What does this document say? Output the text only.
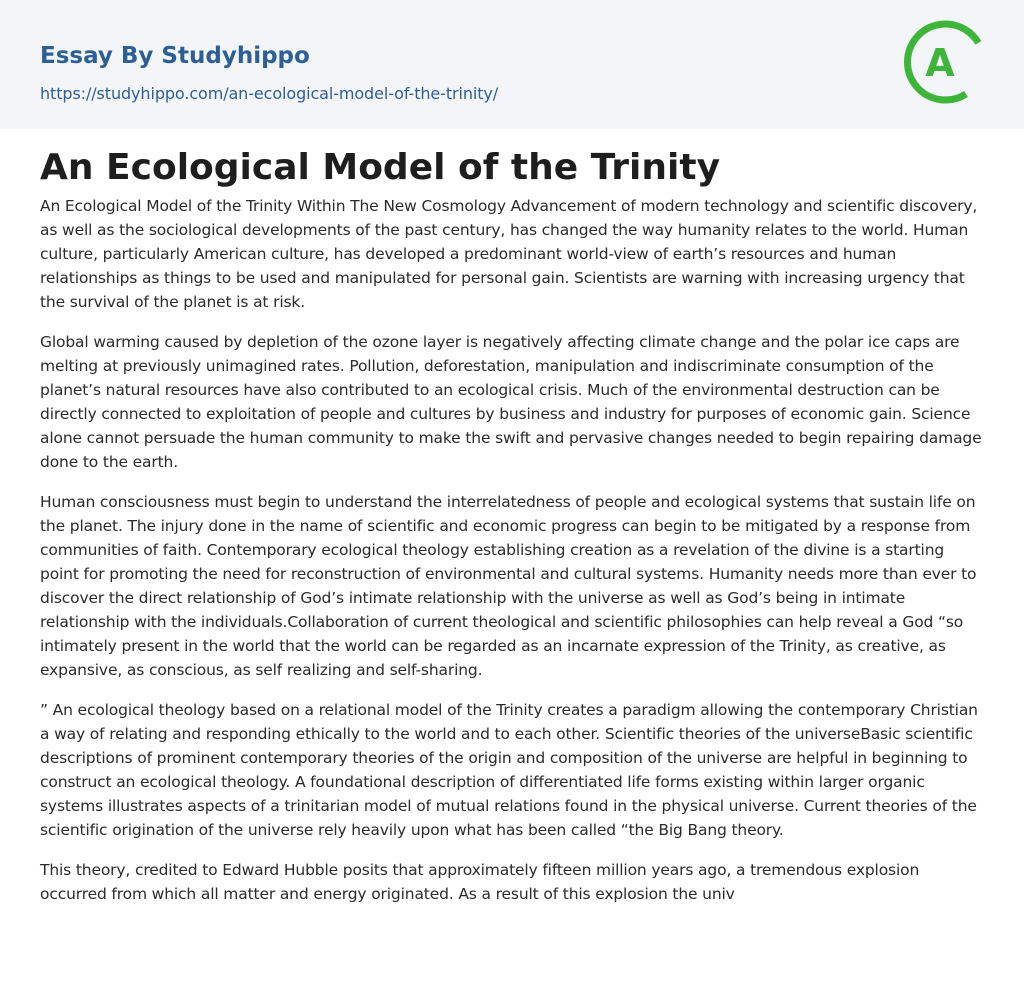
Essay By Studyhippo
https://studyhippo.com/an-ecological-model-of-the-trinity/
A
An Ecological Model of the Trinity

An Ecological Model of the Trinity Within The New Cosmology Advancement of modern technology and scientific discovery, as well as the sociological developments of the past century, has changed the way humanity relates to the world. Human culture, particularly American culture, has developed a predominant world-view of earth’s resources and human relationships as things to be used and manipulated for personal gain. Scientists are warning with increasing urgency that the survival of the planet is at risk.

Global warming caused by depletion of the ozone layer is negatively affecting climate change and the polar ice caps are melting at previously unimagined rates. Pollution, deforestation, manipulation and indiscriminate consumption of the planet’s natural resources have also contributed to an ecological crisis. Much of the environmental destruction can be directly connected to exploitation of people and cultures by business and industry for purposes of economic gain. Science alone cannot persuade the human community to make the swift and pervasive changes needed to begin repairing damage done to the earth.

Human consciousness must begin to understand the interrelatedness of people and ecological systems that sustain life on the planet. The injury done in the name of scientific and economic progress can begin to be mitigated by a response from communities of faith. Contemporary ecological theology establishing creation as a revelation of the divine is a starting point for promoting the need for reconstruction of environmental and cultural systems. Humanity needs more than ever to discover the direct relationship of God’s intimate relationship with the universe as well as God’s being in intimate relationship with the individuals.Collaboration of current theological and scientific philosophies can help reveal a God “so intimately present in the world that the world can be regarded as an incarnate expression of the Trinity, as creative, as expansive, as conscious, as self realizing and self-sharing.

” An ecological theology based on a relational model of the Trinity creates a paradigm allowing the contemporary Christian a way of relating and responding ethically to the world and to each other. Scientific theories of the universeBasic scientific descriptions of prominent contemporary theories of the origin and composition of the universe are helpful in beginning to construct an ecological theology. A foundational description of differentiated life forms existing within larger organic systems illustrates aspects of a trinitarian model of mutual relations found in the physical universe. Current theories of the scientific origination of the universe rely heavily upon what has been called “the Big Bang theory.

This theory, credited to Edward Hubble posits that approximately fifteen million years ago, a tremendous explosion occurred from which all matter and energy originated. As a result of this explosion the univ
